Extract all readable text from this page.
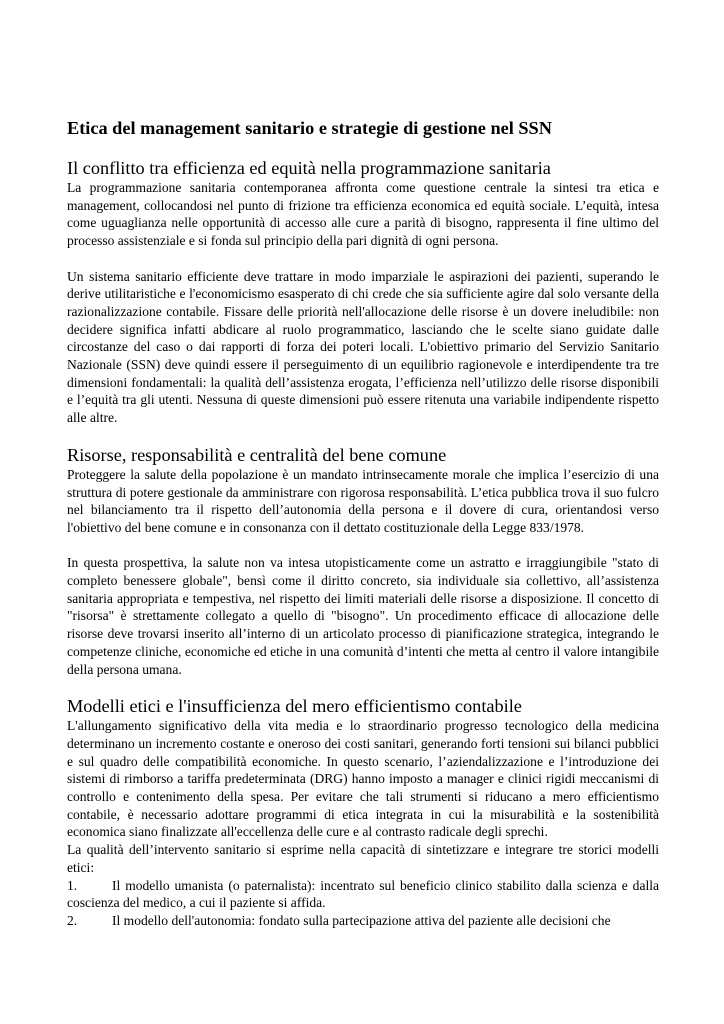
Etica del management sanitario e strategie di gestione nel SSN
Il conflitto tra efficienza ed equità nella programmazione sanitaria

La programmazione sanitaria contemporanea affronta come questione centrale la sintesi tra etica e management, collocandosi nel punto di frizione tra efficienza economica ed equità sociale. L’equità, intesa come uguaglianza nelle opportunità di accesso alle cure a parità di bisogno, rappresenta il fine ultimo del processo assistenziale e si fonda sul principio della pari dignità di ogni persona.

Un sistema sanitario efficiente deve trattare in modo imparziale le aspirazioni dei pazienti, superando le derive utilitaristiche e l'economicismo esasperato di chi crede che sia sufficiente agire dal solo versante della razionalizzazione contabile. Fissare delle priorità nell'allocazione delle risorse è un dovere ineludibile: non decidere significa infatti abdicare al ruolo programmatico, lasciando che le scelte siano guidate dalle circostanze del caso o dai rapporti di forza dei poteri locali. L'obiettivo primario del Servizio Sanitario Nazionale (SSN) deve quindi essere il perseguimento di un equilibrio ragionevole e interdipendente tra tre dimensioni fondamentali: la qualità dell’assistenza erogata, l’efficienza nell’utilizzo delle risorse disponibili e l’equità tra gli utenti. Nessuna di queste dimensioni può essere ritenuta una variabile indipendente rispetto alle altre.

Risorse, responsabilità e centralità del bene comune

Proteggere la salute della popolazione è un mandato intrinsecamente morale che implica l’esercizio di una struttura di potere gestionale da amministrare con rigorosa responsabilità. L’etica pubblica trova il suo fulcro nel bilanciamento tra il rispetto dell’autonomia della persona e il dovere di cura, orientandosi verso l'obiettivo del bene comune e in consonanza con il dettato costituzionale della Legge 833/1978.

In questa prospettiva, la salute non va intesa utopisticamente come un astratto e irraggiungibile "stato di completo benessere globale", bensì come il diritto concreto, sia individuale sia collettivo, all’assistenza sanitaria appropriata e tempestiva, nel rispetto dei limiti materiali delle risorse a disposizione. Il concetto di "risorsa" è strettamente collegato a quello di "bisogno". Un procedimento efficace di allocazione delle risorse deve trovarsi inserito all’interno di un articolato processo di pianificazione strategica, integrando le competenze cliniche, economiche ed etiche in una comunità d’intenti che metta al centro il valore intangibile della persona umana.

Modelli etici e l'insufficienza del mero efficientismo contabile

L'allungamento significativo della vita media e lo straordinario progresso tecnologico della medicina determinano un incremento costante e oneroso dei costi sanitari, generando forti tensioni sui bilanci pubblici e sul quadro delle compatibilità economiche. In questo scenario, l’aziendalizzazione e l’introduzione dei sistemi di rimborso a tariffa predeterminata (DRG) hanno imposto a manager e clinici rigidi meccanismi di controllo e contenimento della spesa. Per evitare che tali strumenti si riducano a mero efficientismo contabile, è necessario adottare programmi di etica integrata in cui la misurabilità e la sostenibilità economica siano finalizzate all'eccellenza delle cure e al contrasto radicale degli sprechi.

La qualità dell’intervento sanitario si esprime nella capacità di sintetizzare e integrare tre storici modelli etici:

1.	Il modello umanista (o paternalista): incentrato sul beneficio clinico stabilito dalla scienza e dalla coscienza del medico, a cui il paziente si affida.

2.	Il modello dell'autonomia: fondato sulla partecipazione attiva del paziente alle decisioni che
